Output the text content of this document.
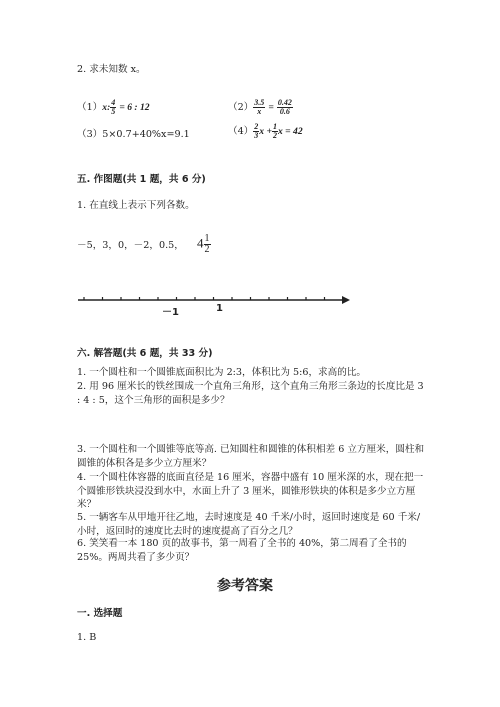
2. 求未知数 x。
（1）x: $\frac{4}{5} = 6$ : 12	$(2) \frac{3.5}{x} = \frac{0.42}{0.6}$
（3）5×0.7+40%x=9.1	$(4) \frac{2}{3}$ $x + \frac{1}{2}$ x = 42
五. 作图题(共 1 题，共 6 分)
1. 在直线上表示下列各数。
－5，3，0，－2，0.5， $4 \frac{1}{2}$
－1	1
六. 解答题(共 6 题，共 33 分)
1. 一个圆柱和一个圆锥底面积比为 2:3，体积比为 5:6，求高的比。
2. 用 96 厘米长的铁丝围成一个直角三角形，这个直角三角形三条边的长度比是 3 : 4 : 5，这个三角形的面积是多少？
3. 一个圆柱和一个圆锥等底等高. 已知圆柱和圆锥的体积相差 6 立方厘米，圆柱和圆锥的体积各是多少立方厘米？
4. 一个圆柱体容器的底面直径是 16 厘米，容器中盛有 10 厘米深的水，现在把一个圆锥形铁块浸没到水中，水面上升了 3 厘米，圆锥形铁块的体积是多少立方厘米？
5. 一辆客车从甲地开往乙地，去时速度是 40 千米/小时，返回时速度是 60 千米/小时，返回时的速度比去时的速度提高了百分之几？
6. 笑笑看一本 180 页的故事书，第一周看了全书的 40%，第二周看了全书的 25%。两周共看了多少页？
参考答案
一. 选择题
1. B
